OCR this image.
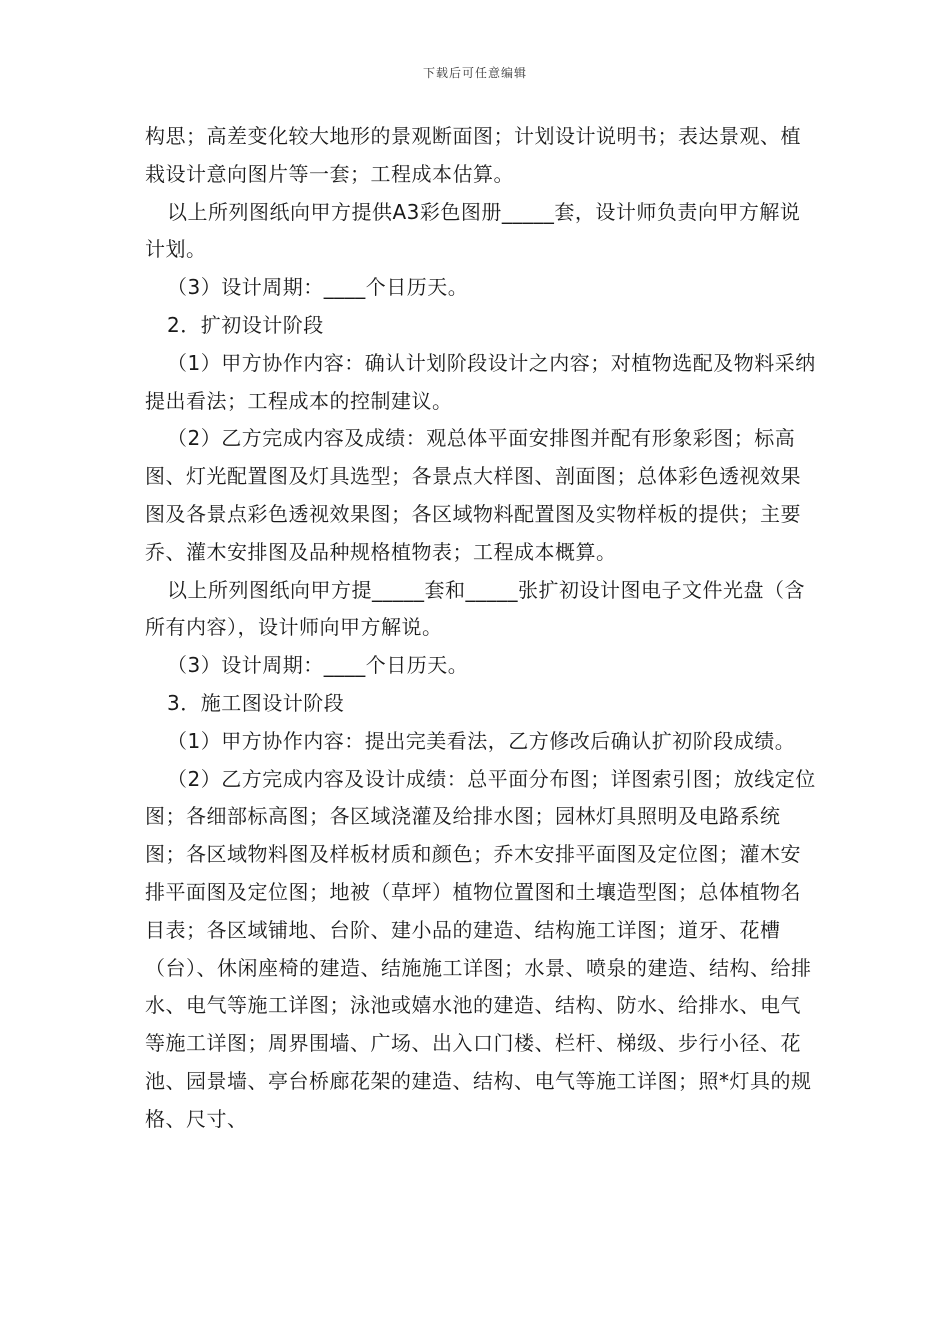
下载后可任意编辑

构思；高差变化较大地形的景观断面图；计划设计说明书；表达景观、植栽设计意向图片等一套；工程成本估算。

以上所列图纸向甲方提供A3彩色图册_____套，设计师负责向甲方解说计划。

（3）设计周期：____个日历天。

2．扩初设计阶段

（1）甲方协作内容：确认计划阶段设计之内容；对植物选配及物料采纳提出看法；工程成本的控制建议。

（2）乙方完成内容及成绩：观总体平面安排图并配有形象彩图；标高图、灯光配置图及灯具选型；各景点大样图、剖面图；总体彩色透视效果图及各景点彩色透视效果图；各区域物料配置图及实物样板的提供；主要乔、灌木安排图及品种规格植物表；工程成本概算。

以上所列图纸向甲方提_____套和_____张扩初设计图电子文件光盘（含所有内容），设计师向甲方解说。

（3）设计周期：____个日历天。

3．施工图设计阶段

（1）甲方协作内容：提出完美看法，乙方修改后确认扩初阶段成绩。

（2）乙方完成内容及设计成绩：总平面分布图；详图索引图；放线定位图；各细部标高图；各区域浇灌及给排水图；园林灯具照明及电路系统图；各区域物料图及样板材质和颜色；乔木安排平面图及定位图；灌木安排平面图及定位图；地被（草坪）植物位置图和土壤造型图；总体植物名目表；各区域铺地、台阶、建小品的建造、结构施工详图；道牙、花槽（台）、休闲座椅的建造、结施施工详图；水景、喷泉的建造、结构、给排水、电气等施工详图；泳池或嬉水池的建造、结构、防水、给排水、电气等施工详图；周界围墙、广场、出入口门楼、栏杆、梯级、步行小径、花池、园景墙、亭台桥廊花架的建造、结构、电气等施工详图；照*灯具的规格、尺寸、
